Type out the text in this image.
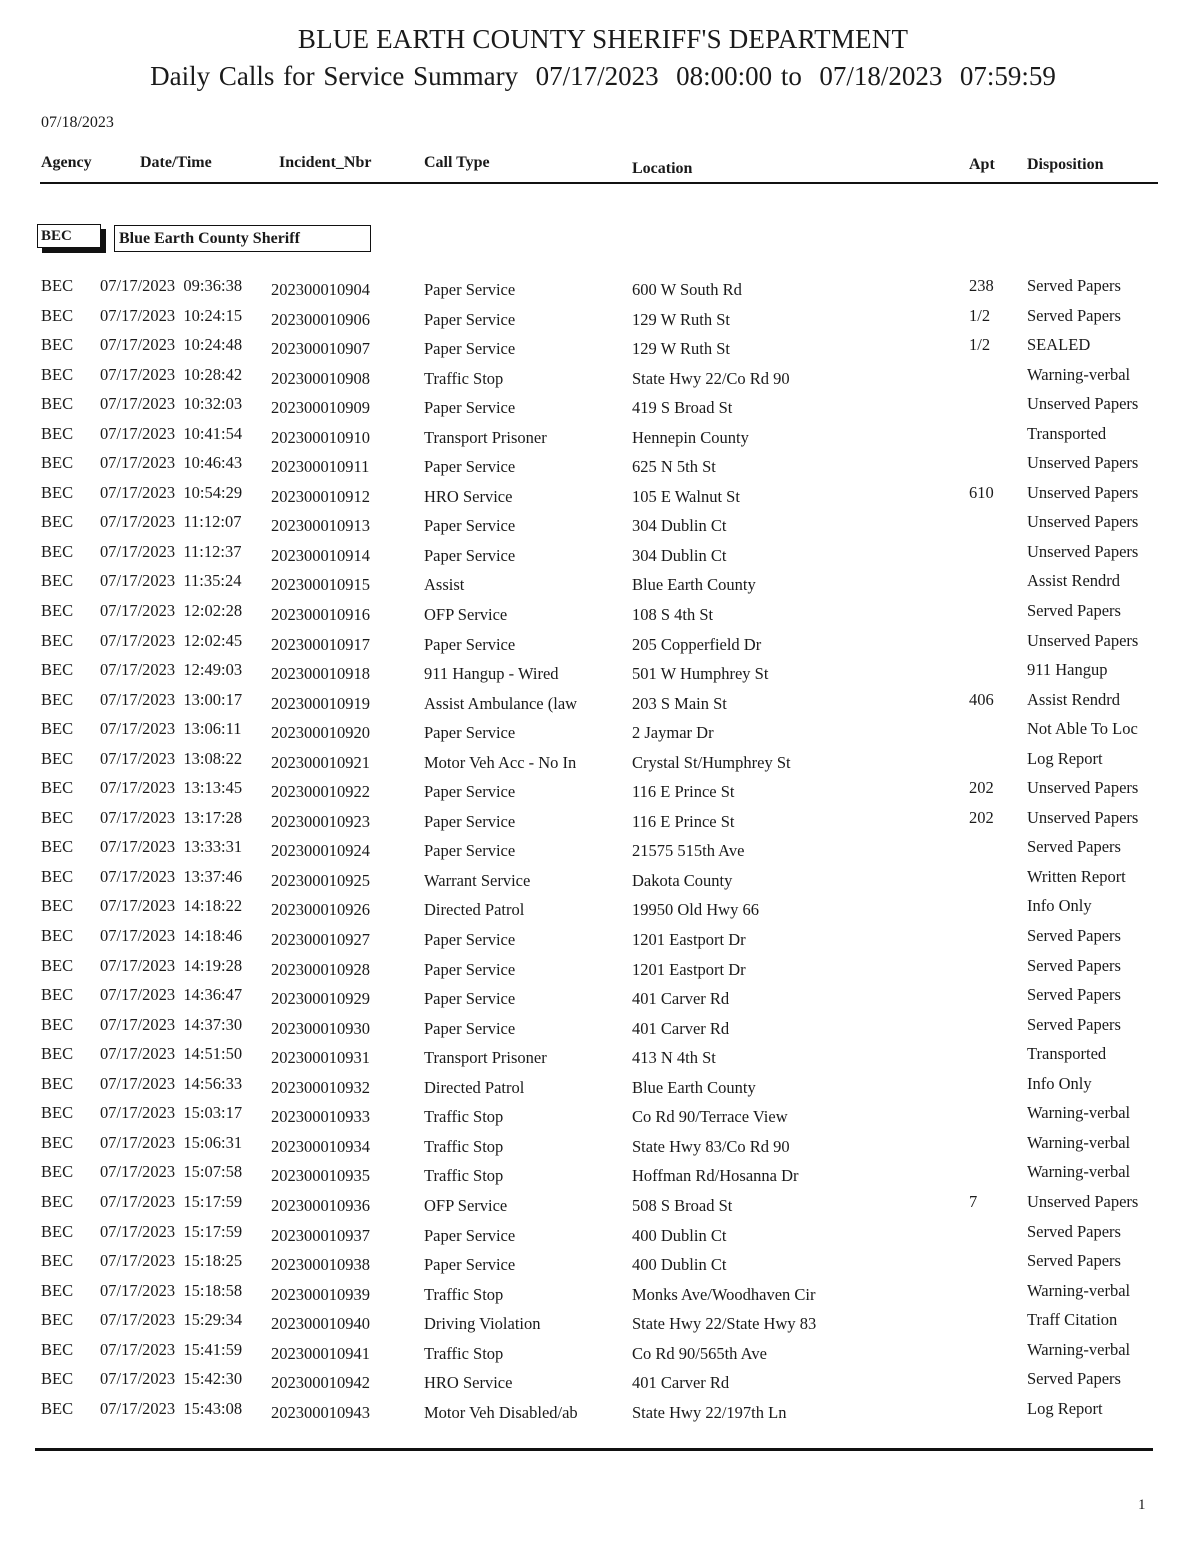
BLUE EARTH COUNTY SHERIFF'S DEPARTMENT
Daily Calls for Service Summary  07/17/2023  08:00:00 to  07/18/2023  07:59:59
07/18/2023
Agency	Date/Time	Incident_Nbr	Call Type	Location	Apt Disposition
BEC	Blue Earth County Sheriff
BEC 07/17/2023  09:36:38 202300010904	Paper Service	600 W South Rd	238 Served Papers
BEC 07/17/2023  10:24:15 202300010906	Paper Service	129 W Ruth St	1/2 Served Papers
BEC 07/17/2023  10:24:48 202300010907	Paper Service	129 W Ruth St	1/2 SEALED
BEC 07/17/2023  10:28:42 202300010908	Traffic Stop	State Hwy 22/Co Rd 90	Warning-verbal
BEC 07/17/2023  10:32:03 202300010909	Paper Service	419 S Broad St	Unserved Papers
BEC 07/17/2023  10:41:54 202300010910	Transport Prisoner	Hennepin County	Transported
BEC 07/17/2023  10:46:43 202300010911	Paper Service	625 N 5th St	Unserved Papers
BEC 07/17/2023  10:54:29 202300010912	HRO Service	105 E Walnut St	610 Unserved Papers
BEC 07/17/2023  11:12:07 202300010913	Paper Service	304 Dublin Ct	Unserved Papers
BEC 07/17/2023  11:12:37 202300010914	Paper Service	304 Dublin Ct	Unserved Papers
BEC 07/17/2023  11:35:24 202300010915	Assist	Blue Earth County	Assist Rendrd
BEC 07/17/2023  12:02:28 202300010916	OFP Service	108 S 4th St	Served Papers
BEC 07/17/2023  12:02:45 202300010917	Paper Service	205 Copperfield Dr	Unserved Papers
BEC 07/17/2023  12:49:03 202300010918	911 Hangup - Wired	501 W Humphrey St	911 Hangup
BEC 07/17/2023  13:00:17 202300010919	Assist Ambulance (law	203 S Main St	406 Assist Rendrd
BEC 07/17/2023  13:06:11 202300010920	Paper Service	2 Jaymar Dr	Not Able To Loc
BEC 07/17/2023  13:08:22 202300010921	Motor Veh Acc - No In	Crystal St/Humphrey St	Log Report
BEC 07/17/2023  13:13:45 202300010922	Paper Service	116 E Prince St	202 Unserved Papers
BEC 07/17/2023  13:17:28 202300010923	Paper Service	116 E Prince St	202 Unserved Papers
BEC 07/17/2023  13:33:31 202300010924	Paper Service	21575 515th Ave	Served Papers
BEC 07/17/2023  13:37:46 202300010925	Warrant Service	Dakota County	Written Report
BEC 07/17/2023  14:18:22 202300010926	Directed Patrol	19950 Old Hwy 66	Info Only
BEC 07/17/2023  14:18:46 202300010927	Paper Service	1201 Eastport Dr	Served Papers
BEC 07/17/2023  14:19:28 202300010928	Paper Service	1201 Eastport Dr	Served Papers
BEC 07/17/2023  14:36:47 202300010929	Paper Service	401 Carver Rd	Served Papers
BEC 07/17/2023  14:37:30 202300010930	Paper Service	401 Carver Rd	Served Papers
BEC 07/17/2023  14:51:50 202300010931	Transport Prisoner	413 N 4th St	Transported
BEC 07/17/2023  14:56:33 202300010932	Directed Patrol	Blue Earth County	Info Only
BEC 07/17/2023  15:03:17 202300010933	Traffic Stop	Co Rd 90/Terrace View	Warning-verbal
BEC 07/17/2023  15:06:31 202300010934	Traffic Stop	State Hwy 83/Co Rd 90	Warning-verbal
BEC 07/17/2023  15:07:58 202300010935	Traffic Stop	Hoffman Rd/Hosanna Dr	Warning-verbal
BEC 07/17/2023  15:17:59 202300010936	OFP Service	508 S Broad St	7	Unserved Papers
BEC 07/17/2023  15:17:59 202300010937	Paper Service	400 Dublin Ct	Served Papers
BEC 07/17/2023  15:18:25 202300010938	Paper Service	400 Dublin Ct	Served Papers
BEC 07/17/2023  15:18:58 202300010939	Traffic Stop	Monks Ave/Woodhaven Cir	Warning-verbal
BEC 07/17/2023  15:29:34 202300010940	Driving Violation	State Hwy 22/State Hwy 83	Traff Citation
BEC 07/17/2023  15:41:59 202300010941	Traffic Stop	Co Rd 90/565th Ave	Warning-verbal
BEC 07/17/2023  15:42:30 202300010942	HRO Service	401 Carver Rd	Served Papers
BEC 07/17/2023  15:43:08 202300010943	Motor Veh Disabled/ab	State Hwy 22/197th Ln	Log Report
1
